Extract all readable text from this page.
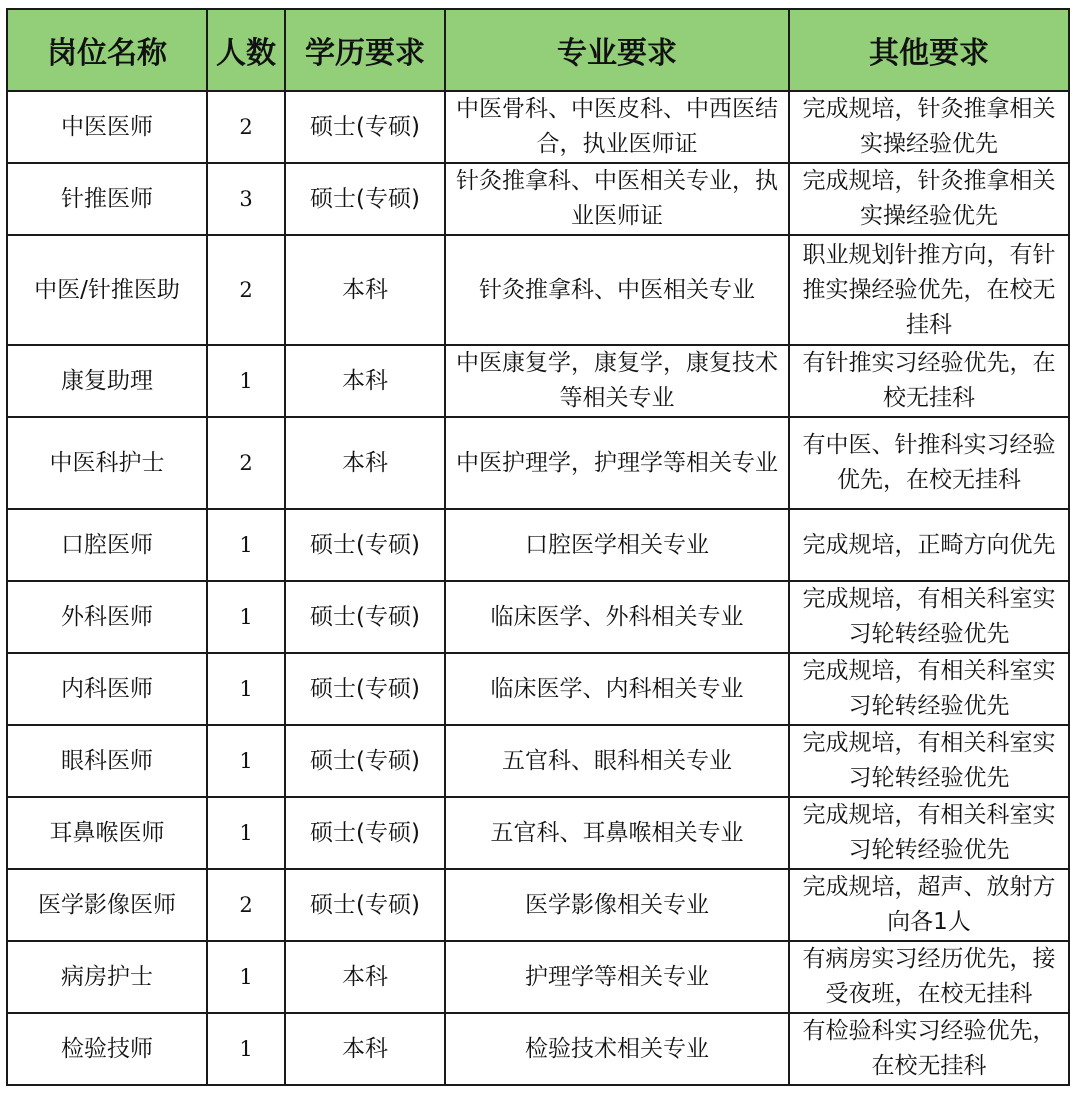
岗位名称	人数	学历要求	专业要求	其他要求
中医医师	2	硕士(专硕)	中医骨科、中医皮科、中西医结合，执业医师证	完成规培，针灸推拿相关实操经验优先
针推医师	3	硕士(专硕)	针灸推拿科、中医相关专业，执业医师证	完成规培，针灸推拿相关实操经验优先
中医/针推医助	2	本科	针灸推拿科、中医相关专业	职业规划针推方向，有针推实操经验优先，在校无挂科
康复助理	1	本科	中医康复学，康复学，康复技术等相关专业	有针推实习经验优先，在校无挂科
中医科护士	2	本科	中医护理学，护理学等相关专业	有中医、针推科实习经验优先，在校无挂科
口腔医师	1	硕士(专硕)	口腔医学相关专业	完成规培，正畸方向优先
外科医师	1	硕士(专硕)	临床医学、外科相关专业	完成规培，有相关科室实习轮转经验优先
内科医师	1	硕士(专硕)	临床医学、内科相关专业	完成规培，有相关科室实习轮转经验优先
眼科医师	1	硕士(专硕)	五官科、眼科相关专业	完成规培，有相关科室实习轮转经验优先
耳鼻喉医师	1	硕士(专硕)	五官科、耳鼻喉相关专业	完成规培，有相关科室实习轮转经验优先
医学影像医师	2	硕士(专硕)	医学影像相关专业	完成规培，超声、放射方向各1人
病房护士	1	本科	护理学等相关专业	有病房实习经历优先，接受夜班，在校无挂科
检验技师	1	本科	检验技术相关专业	有检验科实习经验优先，在校无挂科
